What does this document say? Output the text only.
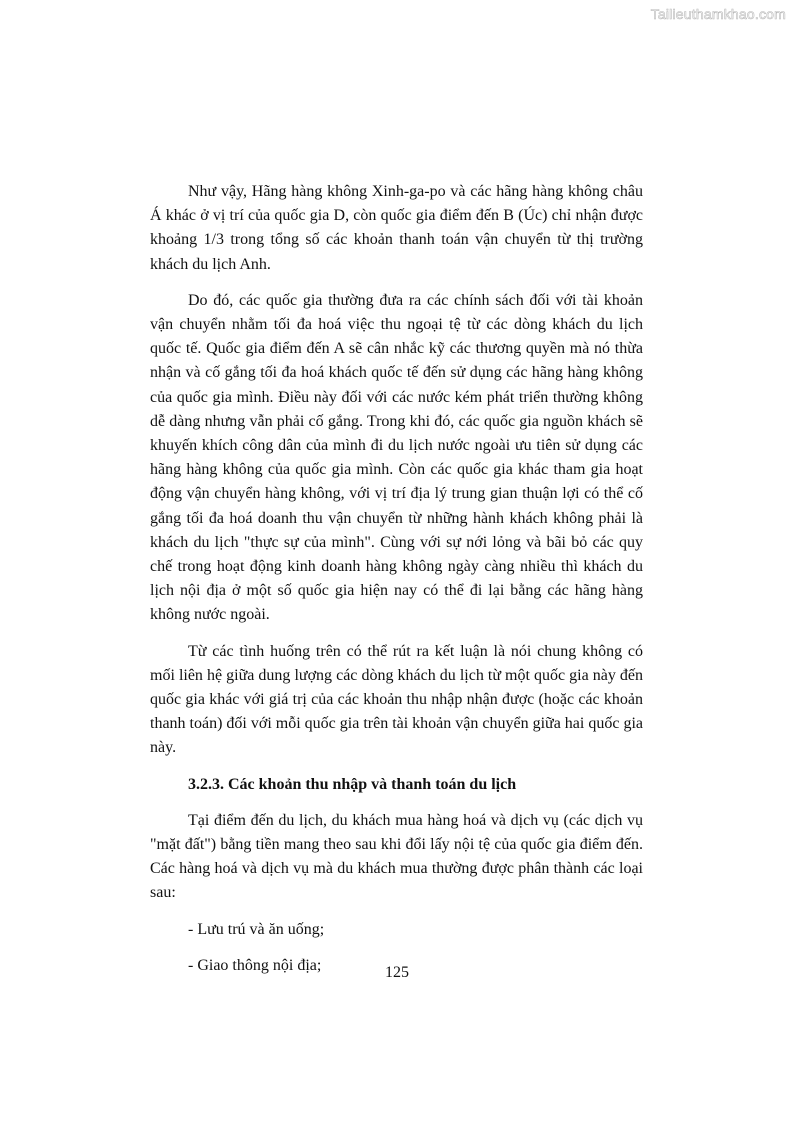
Tailieuthamkhao.com

Như vậy, Hãng hàng không Xinh-ga-po và các hãng hàng không châu Á khác ở vị trí của quốc gia D, còn quốc gia điểm đến B (Úc) chỉ nhận được khoảng 1/3 trong tổng số các khoản thanh toán vận chuyển từ thị trường khách du lịch Anh.

Do đó, các quốc gia thường đưa ra các chính sách đối với tài khoản vận chuyển nhằm tối đa hoá việc thu ngoại tệ từ các dòng khách du lịch quốc tế. Quốc gia điểm đến A sẽ cân nhắc kỹ các thương quyền mà nó thừa nhận và cố gắng tối đa hoá khách quốc tế đến sử dụng các hãng hàng không của quốc gia mình. Điều này đối với các nước kém phát triển thường không dễ dàng nhưng vẫn phải cố gắng. Trong khi đó, các quốc gia nguồn khách sẽ khuyến khích công dân của mình đi du lịch nước ngoài ưu tiên sử dụng các hãng hàng không của quốc gia mình. Còn các quốc gia khác tham gia hoạt động vận chuyển hàng không, với vị trí địa lý trung gian thuận lợi có thể cố gắng tối đa hoá doanh thu vận chuyển từ những hành khách không phải là khách du lịch "thực sự của mình". Cùng với sự nới lỏng và bãi bỏ các quy chế trong hoạt động kinh doanh hàng không ngày càng nhiều thì khách du lịch nội địa ở một số quốc gia hiện nay có thể đi lại bằng các hãng hàng không nước ngoài.

Từ các tình huống trên có thể rút ra kết luận là nói chung không có mối liên hệ giữa dung lượng các dòng khách du lịch từ một quốc gia này đến quốc gia khác với giá trị của các khoản thu nhập nhận được (hoặc các khoản thanh toán) đối với mỗi quốc gia trên tài khoản vận chuyển giữa hai quốc gia này.

3.2.3. Các khoản thu nhập và thanh toán du lịch

Tại điểm đến du lịch, du khách mua hàng hoá và dịch vụ (các dịch vụ "mặt đất") bằng tiền mang theo sau khi đổi lấy nội tệ của quốc gia điểm đến. Các hàng hoá và dịch vụ mà du khách mua thường được phân thành các loại sau:

- Lưu trú và ăn uống;

- Giao thông nội địa;	125
